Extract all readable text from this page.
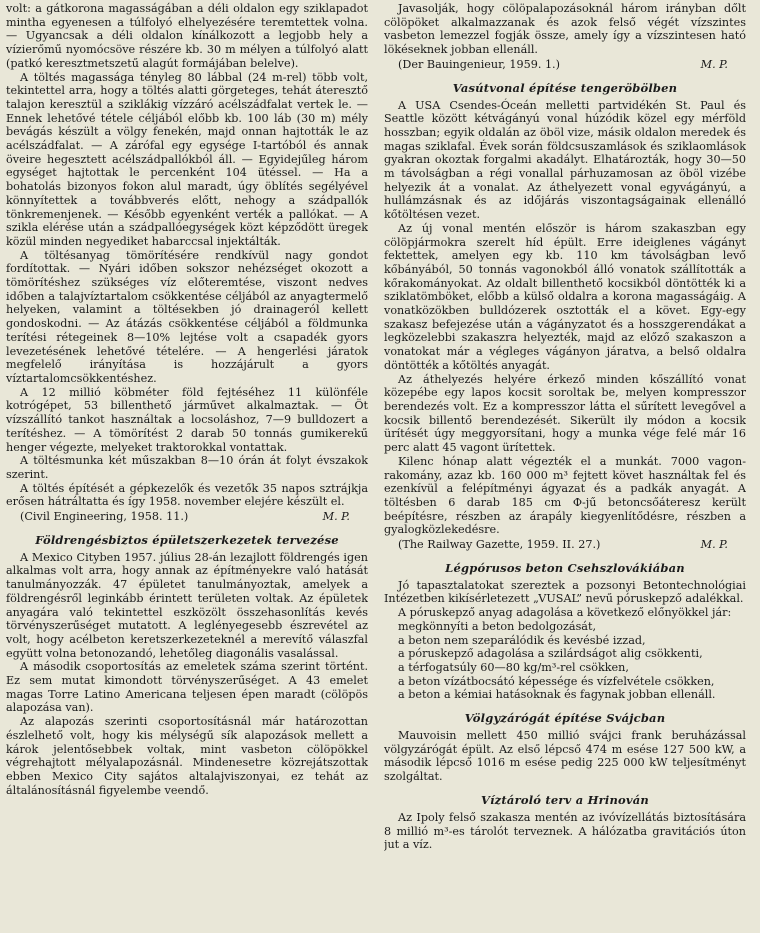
volt: a gátkorona magasságában a déli oldalon egy sziklapadot mintha egyenesen a túlfolyó elhelyezésére teremtettek volna. — Ugyancsak a déli oldalon kínálkozott a legjobb hely a vízierőmű nyomócsöve részére kb. 30 m mélyen a túlfolyó alatt (patkó keresztmetszetű alagút formájában belelve).

A töltés magassága tényleg 80 lábbal (24 m-rel) több volt, tekintettel arra, hogy a töltés alatti görgeteges, tehát áteresztő talajon keresztül a sziklákig vízzáró acélszádfalat vertek le. — Ennek lehetővé tétele céljából előbb kb. 100 láb (30 m) mély bevágás készült a völgy fenekén, majd onnan hajtották le az acélszádfalat. — A zárófal egy egysége I-tartóból és annak öveire hegesztett acélszádpallókból áll. — Egyidejűleg három egységet hajtottak le percenként 104 ütéssel. — Ha a bohatolás bizonyos fokon alul maradt, úgy öblítés segélyével könnyítettek a továbbverés előtt, nehogy a szádpallók tönkremenjenek. — Később egyenként verték a pallókat. — A szikla elérése után a szádpallóegységek közt képződött üregek közül minden negyediket habarccsal injektálták.

A töltésanyag tömörítésére rendkívül nagy gondot fordítottak. — Nyári időben sokszor nehézséget okozott a tömörítéshez szükséges víz előteremtése, viszont nedves időben a talajvíztartalom csökkentése céljából az anyagtermelő helyeken, valamint a töltésekben jó drainageról kellett gondoskodni. — Az átázás csökkentése céljából a földmunka terítési rétegeinek 8—10% lejtése volt a csapadék gyors levezetésének lehetővé tételére. — A hengerlési járatok megfelelő irányítása is hozzájárult a gyors víztartalomcsökkentéshez.

A 12 millió köbméter föld fejtéséhez 11 különféle kotrógépet, 53 billenthető járművet alkalmaztak. — Öt vízszállító tankot használtak a locsoláshoz, 7—9 bulldozert a terítéshez. — A tömörítést 2 darab 50 tonnás gumikerekű henger végezte, melyeket traktorokkal vontattak.

A töltésmunka két műszakban 8—10 órán át folyt évszakok szerint.

A töltés építését a gépkezelők és vezetők 35 napos sztrájkja erősen hátráltatta és így 1958. november elejére készült el.

(Civil Engineering, 1958. 11.)	M. P.
Földrengésbiztos épületszerkezetek tervezése

A Mexico Cityben 1957. július 28-án lezajlott földrengés igen alkalmas volt arra, hogy annak az építményekre való hatását tanulmányozzák. 47 épületet tanulmányoztak, amelyek a földrengésről leginkább érintett területen voltak. Az épületek anyagára való tekintettel eszközölt összehasonlítás kevés törvényszerűséget mutatott. A leglényegesebb észrevétel az volt, hogy acélbeton keretszerkezeteknél a merevítő válaszfal együtt volna betonozandó, lehetőleg diagonális vasalással.

A második csoportosítás az emeletek száma szerint történt. Ez sem mutat kimondott törvényszerűséget. A 43 emelet magas Torre Latino Americana teljesen épen maradt (cölöpös alapozása van).

Az alapozás szerinti csoportosításnál már határozottan észlelhető volt, hogy kis mélységű sík alapozások mellett a károk jelentősebbek voltak, mint vasbeton cölöpökkel végrehajtott mélyalapozásnál. Mindenesetre közrejátszottak ebben Mexico City sajátos altalajviszonyai, ez tehát az általánosításnál figyelembe veendő.

Javasolják, hogy cölöpalapozásoknál három irányban dőlt cölöpöket alkalmazzanak és azok felső végét vízszintes vasbeton lemezzel fogják össze, amely így a vízszintesen ható lökéseknek jobban ellenáll.

(Der Bauingenieur, 1959. 1.)	M. P.
Vasútvonal építése tengeröbölben

A USA Csendes-Óceán melletti partvidékén St. Paul és Seattle között kétvágányú vonal húzódik közel egy mérföld hosszban; egyik oldalán az öböl vize, másik oldalon meredek és magas sziklafal. Évek során földcsuszamlások és sziklaomlások gyakran okoztak forgalmi akadályt. Elhatározták, hogy 30—50 m távolságban a régi vonallal párhuzamosan az öböl vizébe helyezik át a vonalat. Az áthelyezett vonal egyvágányú, a hullámzásnak és az időjárás viszontagságainak ellenálló kőtöltésen vezet.

Az új vonal mentén először is három szakaszban egy cölöpjármokra szerelt híd épült. Erre ideiglenes vágányt fektettek, amelyen egy kb. 110 km távolságban levő kőbányából, 50 tonnás vagonokból álló vonatok szállították a kőrakományokat. Az oldalt billenthető kocsikból döntötték ki a sziklatömböket, előbb a külső oldalra a korona magasságáig. A vonatközökben bulldózerek osztották el a követ. Egy-egy szakasz befejezése után a vágányzatot és a hosszgerendákat a legközelebbi szakaszra helyezték, majd az előző szakaszon a vonatokat már a végleges vágányon járatva, a belső oldalra döntötték a kőtöltés anyagát.

Az áthelyezés helyére érkező minden kőszállító vonat közepébe egy lapos kocsit soroltak be, melyen kompresszor berendezés volt. Ez a kompresszor látta el sűrített levegővel a kocsik billentő berendezését. Sikerült ily módon a kocsik ürítését úgy meggyorsítani, hogy a munka vége felé már 16 perc alatt 45 vagont ürítettek.

Kilenc hónap alatt végezték el a munkát. 7000 vagon-rakomány, azaz kb. 160 000 m³ fejtett követ használtak fel és ezenkívül a felépítményi ágyazat és a padkák anyagát. A töltésben 6 darab 185 cm Φ-jű betoncsőáteresz került beépítésre, részben az árapály kiegyenlítődésre, részben a gyalogközlekedésre.

(The Railway Gazette, 1959. II. 27.)	M. P.
Légpórusos beton Csehszlovákiában

Jó tapasztalatokat szereztek a pozsonyi Betontechnológiai Intézetben kikísérletezett „VUSAL” nevű póruskepző adalékkal.

A póruskepző anyag adagolása a következő előnyökkel jár:

megkönnyíti a beton bedolgozását,
a beton nem szeparálódik és kevésbé izzad,
a póruskepző adagolása a szilárdságot alig csökkenti,
a térfogatsúly 60—80 kg/m³-rel csökken,
a beton vízátbocsátó képessége és vízfelvétele csökken,
a beton a kémiai hatásoknak és fagynak jobban ellenáll.
Völgyzárógát építése Svájcban

Mauvoisin mellett 450 millió svájci frank beruházással völgyzárógát épült. Az első lépcső 474 m esése 127 500 kW, a második lépcső 1016 m esése pedig 225 000 kW teljesítményt szolgáltat.

Víztároló terv a Hrinován

Az Ipoly felső szakasza mentén az ivóvízellátás biztosítására 8 millió m³-es tárolót terveznek. A hálózatba gravitációs úton jut a víz.
